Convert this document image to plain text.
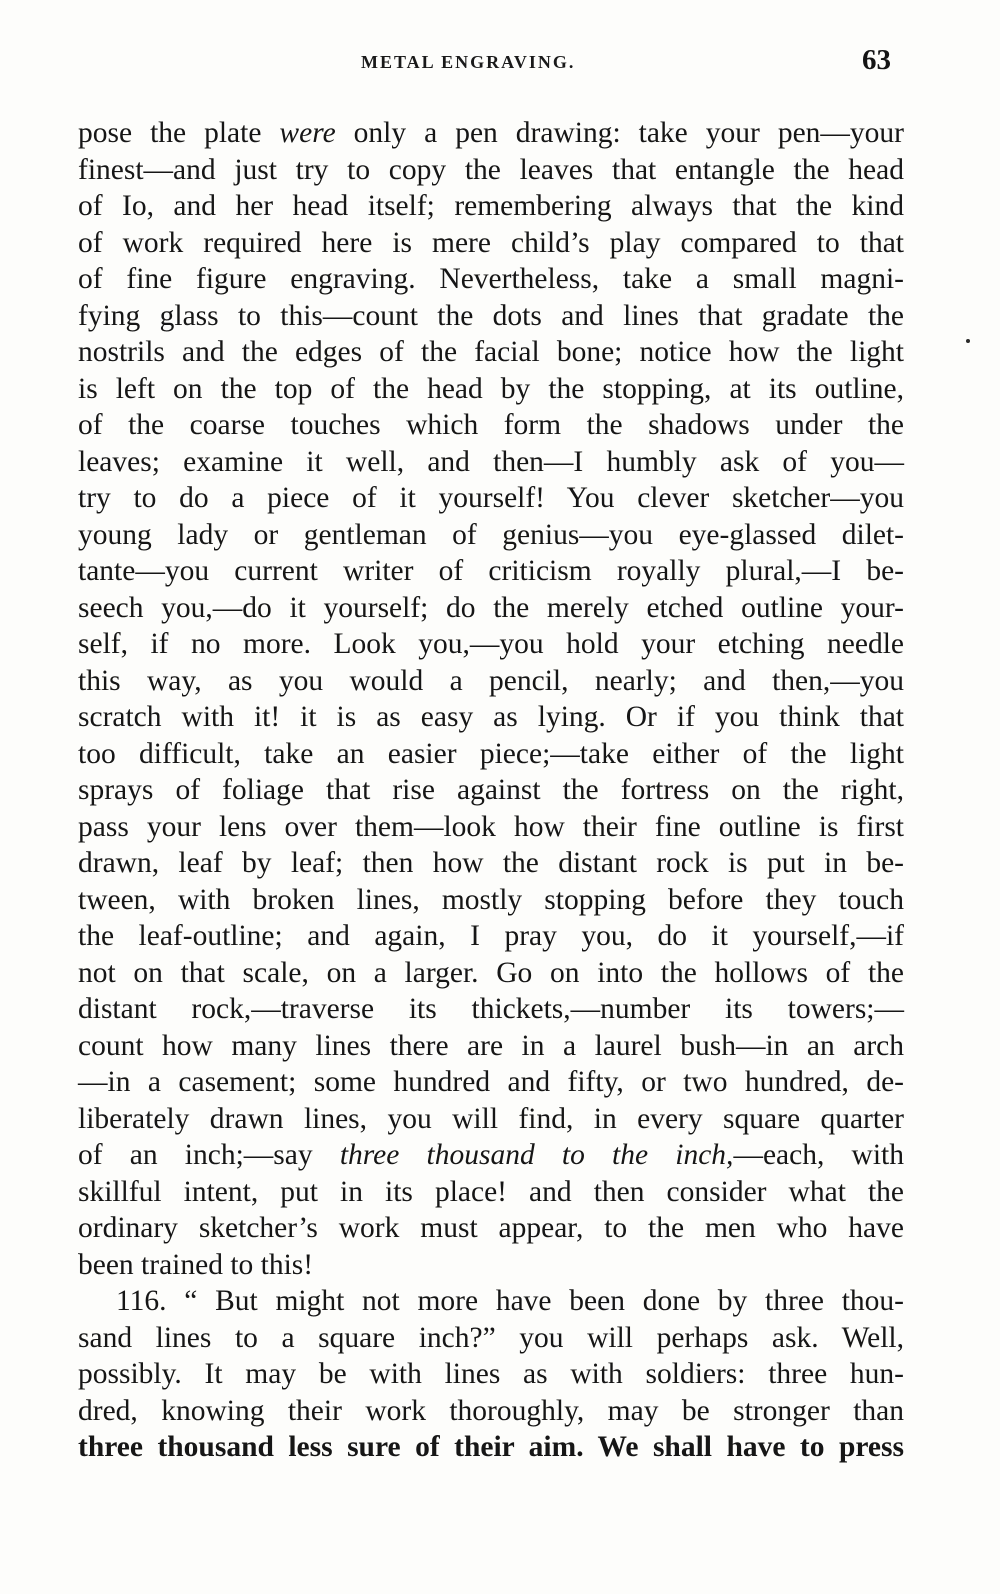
METAL ENGRAVING.	63
pose the plate were only a pen drawing: take your pen—your
finest—and just try to copy the leaves that entangle the head
of Io, and her head itself; remembering always that the kind
of work required here is mere child’s play compared to that
of fine figure engraving. Nevertheless, take a small magni-
fying glass to this—count the dots and lines that gradate the
nostrils and the edges of the facial bone; notice how the light
is left on the top of the head by the stopping, at its outline,
of the coarse touches which form the shadows under the
leaves; examine it well, and then—I humbly ask of you—
try to do a piece of it yourself! You clever sketcher—you
young lady or gentleman of genius—you eye-glassed dilet-
tante—you current writer of criticism royally plural,—I be-
seech you,—do it yourself; do the merely etched outline your-
self, if no more. Look you,—you hold your etching needle
this way, as you would a pencil, nearly; and then,—you
scratch with it! it is as easy as lying. Or if you think that
too difficult, take an easier piece;—take either of the light
sprays of foliage that rise against the fortress on the right,
pass your lens over them—look how their fine outline is first
drawn, leaf by leaf; then how the distant rock is put in be-
tween, with broken lines, mostly stopping before they touch
the leaf-outline; and again, I pray you, do it yourself,—if
not on that scale, on a larger. Go on into the hollows of the
distant rock,—traverse its thickets,—number its towers;—
count how many lines there are in a laurel bush—in an arch
—in a casement; some hundred and fifty, or two hundred, de-
liberately drawn lines, you will find, in every square quarter
of an inch;—say three thousand to the inch,—each, with
skillful intent, put in its place! and then consider what the
ordinary sketcher’s work must appear, to the men who have
been trained to this!
116. “ But might not more have been done by three thou-
sand lines to a square inch?” you will perhaps ask. Well,
possibly. It may be with lines as with soldiers: three hun-
dred, knowing their work thoroughly, may be stronger than
three thousand less sure of their aim. We shall have to press
